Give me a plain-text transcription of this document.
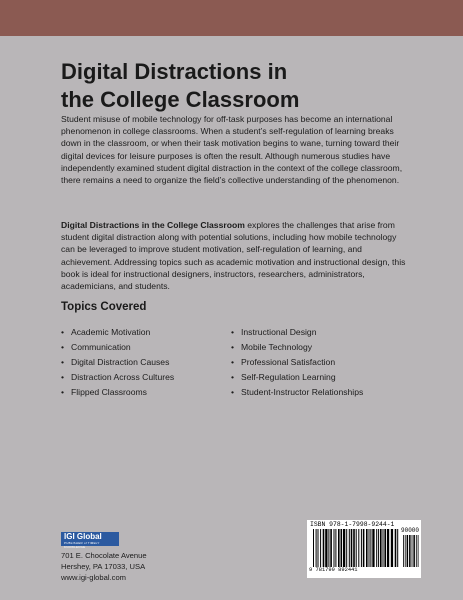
Digital Distractions in
the College Classroom
Student misuse of mobile technology for off-task purposes has become an international phenomenon in college classrooms. When a student’s self-regulation of learning breaks down in the classroom, or when their task motivation begins to wane, turning toward their digital devices for leisure purposes is often the result. Although numerous studies have independently examined student digital distraction in the context of the college classroom, there remains a need to organize the field’s collective understanding of the phenomenon.
Digital Distractions in the College Classroom explores the challenges that arise from student digital distraction along with potential solutions, including how mobile technology can be leveraged to improve student motivation, self-regulation of learning, and achievement. Addressing topics such as academic motivation and instructional design, this book is ideal for instructional designers, instructors, researchers, administrators, academicians, and students.
Topics Covered
• Academic Motivation
• Communication
• Digital Distraction Causes
• Distraction Across Cultures
• Flipped Classrooms
• Instructional Design
• Mobile Technology
• Professional Satisfaction
• Self-Regulation Learning
• Student-Instructor Relationships
IGI Global
PUBLISHER of TIMELY KNOWLEDGE
701 E. Chocolate Avenue
Hershey, PA 17033, USA
www.igi-global.com
ISBN 978-1-7998-9244-1
9 781799 892441
90000
